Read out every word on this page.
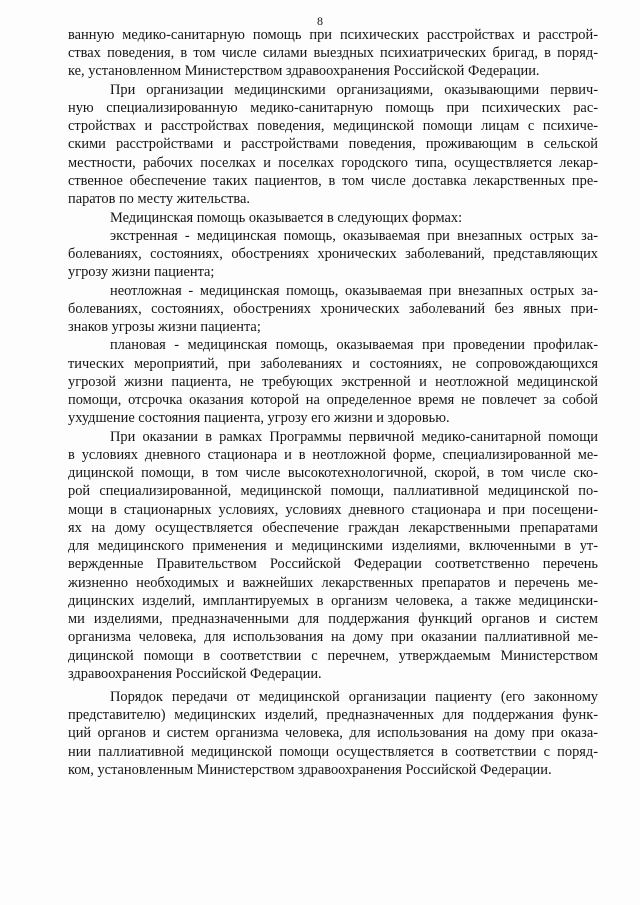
8
ванную медико-санитарную помощь при психических расстройствах и расстрой-
ствах поведения, в том числе силами выездных психиатрических бригад, в поряд-
ке, установленном Министерством здравоохранения Российской Федерации.
При организации медицинскими организациями, оказывающими первич-
ную специализированную медико-санитарную помощь при психических рас-
стройствах и расстройствах поведения, медицинской помощи лицам с психиче-
скими расстройствами и расстройствами поведения, проживающим в сельской
местности, рабочих поселках и поселках городского типа, осуществляется лекар-
ственное обеспечение таких пациентов, в том числе доставка лекарственных пре-
паратов по месту жительства.
Медицинская помощь оказывается в следующих формах:
экстренная - медицинская помощь, оказываемая при внезапных острых за-
болеваниях, состояниях, обострениях хронических заболеваний, представляющих
угрозу жизни пациента;
неотложная - медицинская помощь, оказываемая при внезапных острых за-
болеваниях, состояниях, обострениях хронических заболеваний без явных при-
знаков угрозы жизни пациента;
плановая - медицинская помощь, оказываемая при проведении профилак-
тических мероприятий, при заболеваниях и состояниях, не сопровождающихся
угрозой жизни пациента, не требующих экстренной и неотложной медицинской
помощи, отсрочка оказания которой на определенное время не повлечет за собой
ухудшение состояния пациента, угрозу его жизни и здоровью.
При оказании в рамках Программы первичной медико-санитарной помощи
в условиях дневного стационара и в неотложной форме, специализированной ме-
дицинской помощи, в том числе высокотехнологичной, скорой, в том числе ско-
рой специализированной, медицинской помощи, паллиативной медицинской по-
мощи в стационарных условиях, условиях дневного стационара и при посещени-
ях на дому осуществляется обеспечение граждан лекарственными препаратами
для медицинского применения и медицинскими изделиями, включенными в ут-
вержденные Правительством Российской Федерации соответственно перечень
жизненно необходимых и важнейших лекарственных препаратов и перечень ме-
дицинских изделий, имплантируемых в организм человека, а также медицински-
ми изделиями, предназначенными для поддержания функций органов и систем
организма человека, для использования на дому при оказании паллиативной ме-
дицинской помощи в соответствии с перечнем, утверждаемым Министерством
здравоохранения Российской Федерации.
Порядок передачи от медицинской организации пациенту (его законному
представителю) медицинских изделий, предназначенных для поддержания функ-
ций органов и систем организма человека, для использования на дому при оказа-
нии паллиативной медицинской помощи осуществляется в соответствии с поряд-
ком, установленным Министерством здравоохранения Российской Федерации.
